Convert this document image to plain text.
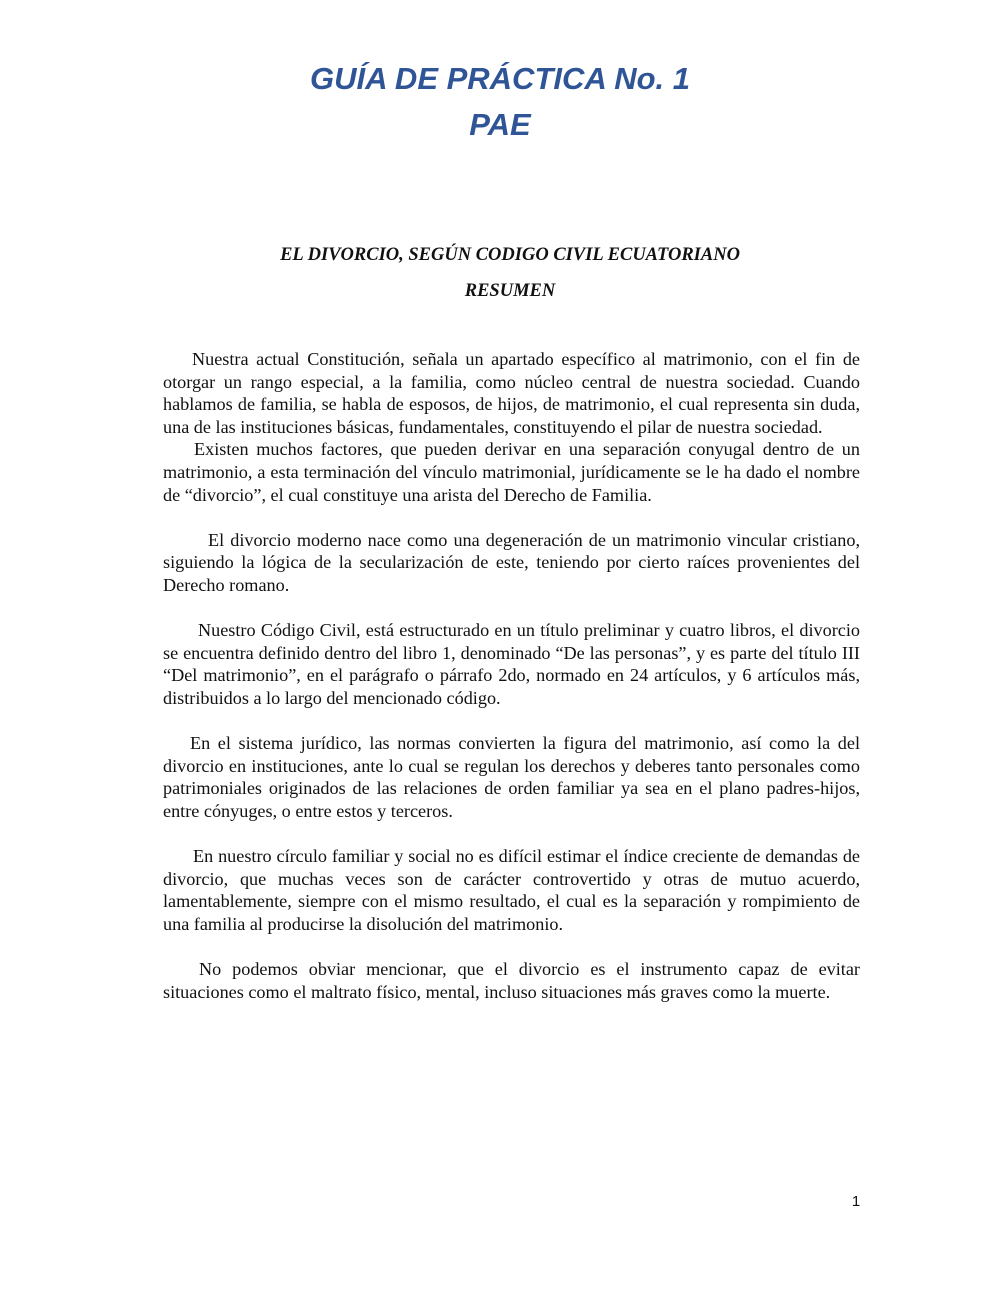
GUÍA DE PRÁCTICA No. 1
PAE
EL DIVORCIO, SEGÚN CODIGO CIVIL ECUATORIANO
RESUMEN

Nuestra actual Constitución, señala un apartado específico al matrimonio, con el fin de otorgar un rango especial, a la familia, como núcleo central de nuestra sociedad. Cuando hablamos de familia, se habla de esposos, de hijos, de matrimonio, el cual representa sin duda, una de las instituciones básicas, fundamentales, constituyendo el pilar de nuestra sociedad.

Existen muchos factores, que pueden derivar en una separación conyugal dentro de un matrimonio, a esta terminación del vínculo matrimonial, jurídicamente se le ha dado el nombre de “divorcio”, el cual constituye una arista del Derecho de Familia.

El divorcio moderno nace como una degeneración de un matrimonio vincular cristiano, siguiendo la lógica de la secularización de este, teniendo por cierto raíces provenientes del Derecho romano.

Nuestro Código Civil, está estructurado en un título preliminar y cuatro libros, el divorcio se encuentra definido dentro del libro 1, denominado “De las personas”, y es parte del título III “Del matrimonio”, en el parágrafo o párrafo 2do, normado en 24 artículos, y 6 artículos más, distribuidos a lo largo del mencionado código.

En el sistema jurídico, las normas convierten la figura del matrimonio, así como la del divorcio en instituciones, ante lo cual se regulan los derechos y deberes tanto personales como patrimoniales originados de las relaciones de orden familiar ya sea en el plano padres-hijos, entre cónyuges, o entre estos y terceros.

En nuestro círculo familiar y social no es difícil estimar el índice creciente de demandas de divorcio, que muchas veces son de carácter controvertido y otras de mutuo acuerdo, lamentablemente, siempre con el mismo resultado, el cual es la separación y rompimiento de una familia al producirse la disolución del matrimonio.

No podemos obviar mencionar, que el divorcio es el instrumento capaz de evitar situaciones como el maltrato físico, mental, incluso situaciones más graves como la muerte.

1
